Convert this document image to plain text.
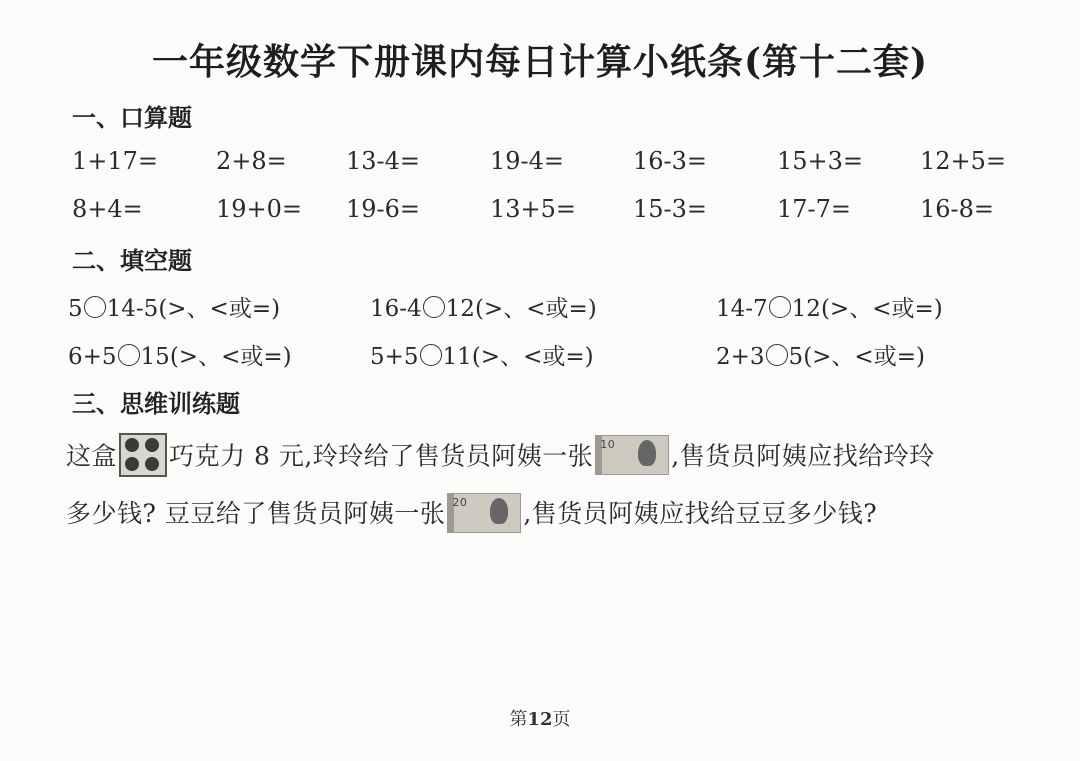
一年级数学下册课内每日计算小纸条(第十二套)
一、口算题
1+17= 2+8= 13-4=	19-4=	16-3=	15+3= 12+5=
8+4=	19+0= 19-6=	13+5= 15-3=	17-7=	16-8=
二、填空题
5 14-5(>、<或=)	16-4 12(>、<或=)	14-7 12(>、<或=)
6+5 15(>、<或=)	5+5 11(>、<或=)	2+3 5(>、<或=)
三、思维训练题
这盒 巧克力 8 元,玲玲给了售货员阿姨一张 10 ,售货员阿姨应找给玲玲
多少钱? 豆豆给了售货员阿姨一张 20 ,售货员阿姨应找给豆豆多少钱?
第12页
